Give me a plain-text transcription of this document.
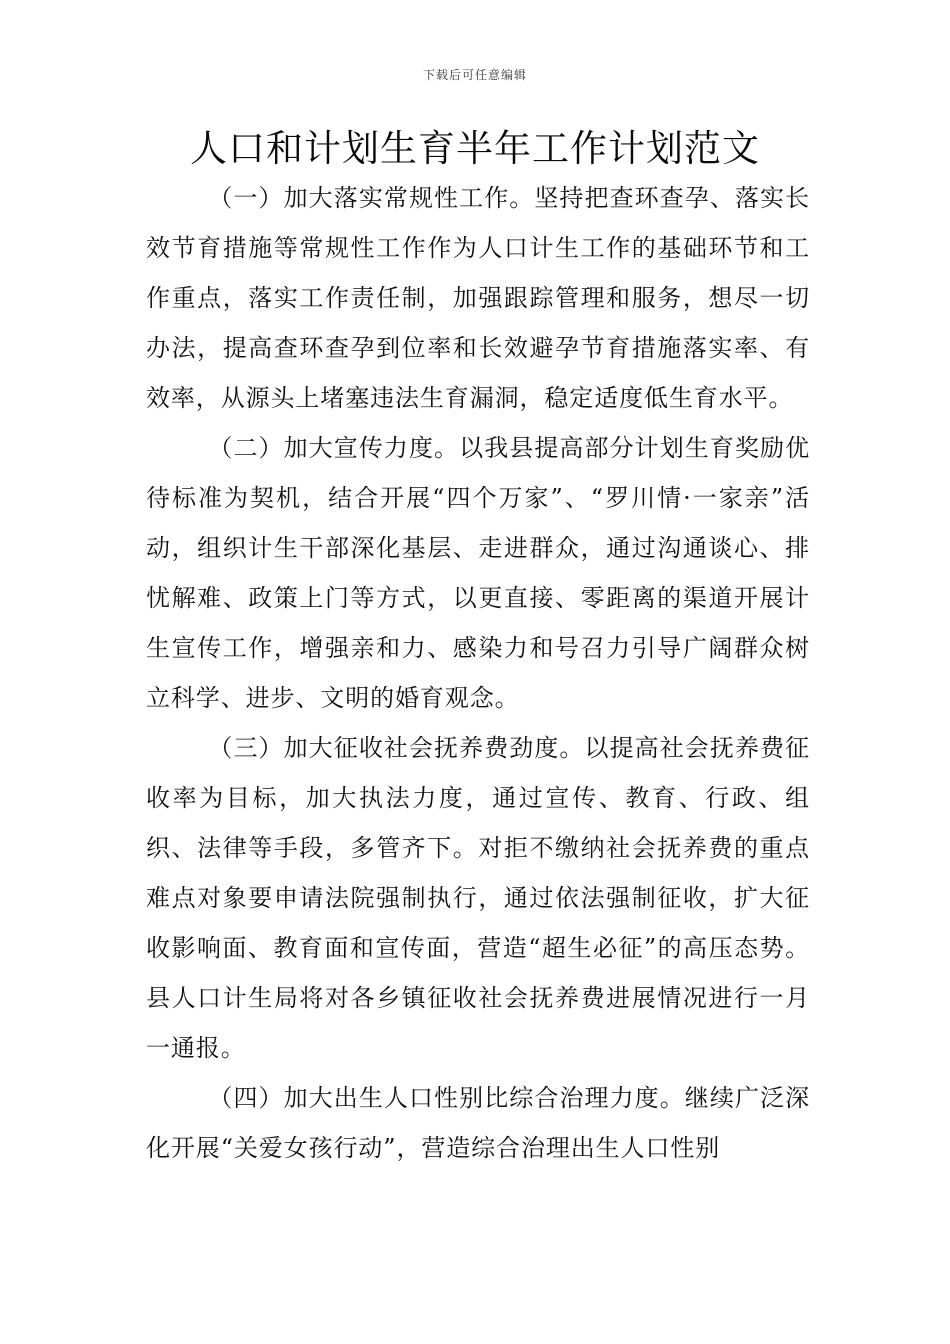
下载后可任意编辑
人口和计划生育半年工作计划范文

（一）加大落实常规性工作。坚持把查环查孕、落实长效节育措施等常规性工作作为人口计生工作的基础环节和工作重点，落实工作责任制，加强跟踪管理和服务，想尽一切办法，提高查环查孕到位率和长效避孕节育措施落实率、有效率，从源头上堵塞违法生育漏洞，稳定适度低生育水平。

（二）加大宣传力度。以我县提高部分计划生育奖励优待标准为契机，结合开展“四个万家”、“罗川情·一家亲”活动，组织计生干部深化基层、走进群众，通过沟通谈心、排忧解难、政策上门等方式，以更直接、零距离的渠道开展计生宣传工作，增强亲和力、感染力和号召力引导广阔群众树立科学、进步、文明的婚育观念。

（三）加大征收社会抚养费劲度。以提高社会抚养费征收率为目标，加大执法力度，通过宣传、教育、行政、组织、法律等手段，多管齐下。对拒不缴纳社会抚养费的重点难点对象要申请法院强制执行，通过依法强制征收，扩大征收影响面、教育面和宣传面，营造“超生必征”的高压态势。县人口计生局将对各乡镇征收社会抚养费进展情况进行一月一通报。

（四）加大出生人口性别比综合治理力度。继续广泛深化开展“关爱女孩行动”，营造综合治理出生人口性别
